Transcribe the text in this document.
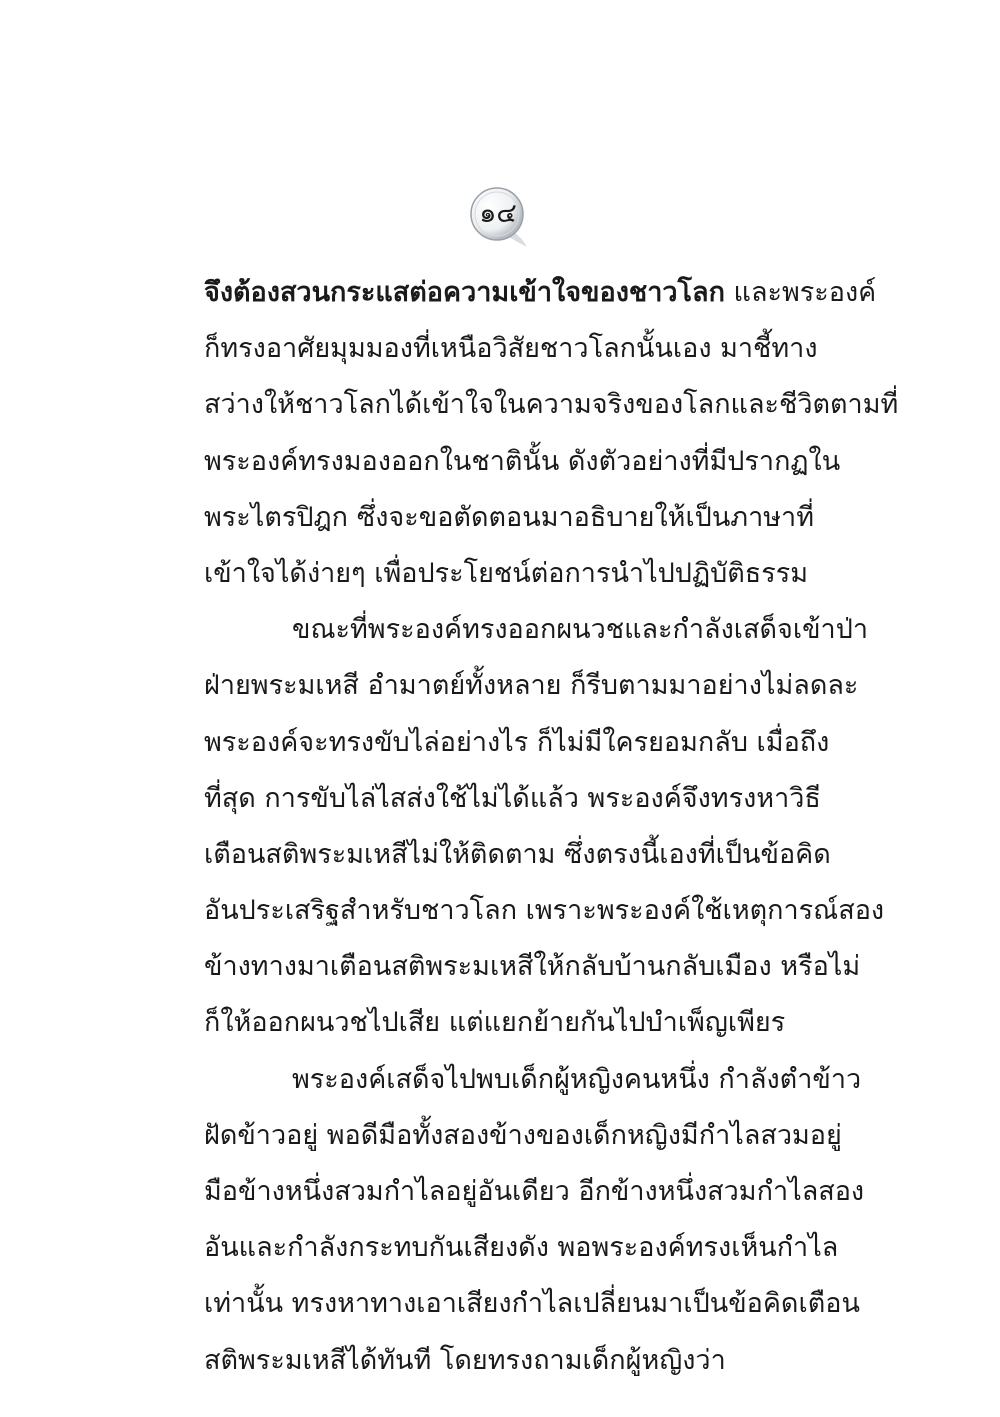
๑๔
จึงต้องสวนกระแสต่อความเข้าใจของชาวโลก และพระองค์
ก็ทรงอาศัยมุมมองที่เหนือวิสัยชาวโลกนั้นเอง มาชี้ทาง
สว่างให้ชาวโลกได้เข้าใจในความจริงของโลกและชีวิตตามที่
พระองค์ทรงมองออกในชาตินั้น ดังตัวอย่างที่มีปรากฏใน
พระไตรปิฎก ซึ่งจะขอตัดตอนมาอธิบายให้เป็นภาษาที่
เข้าใจได้ง่ายๆ เพื่อประโยชน์ต่อการนำไปปฏิบัติธรรม
ขณะที่พระองค์ทรงออกผนวชและกำลังเสด็จเข้าป่า
ฝ่ายพระมเหสี อำมาตย์ทั้งหลาย ก็รีบตามมาอย่างไม่ลดละ
พระองค์จะทรงขับไล่อย่างไร ก็ไม่มีใครยอมกลับ เมื่อถึง
ที่สุด การขับไล่ไสส่งใช้ไม่ได้แล้ว พระองค์จึงทรงหาวิธี
เตือนสติพระมเหสีไม่ให้ติดตาม ซึ่งตรงนี้เองที่เป็นข้อคิด
อันประเสริฐสำหรับชาวโลก เพราะพระองค์ใช้เหตุการณ์สอง
ข้างทางมาเตือนสติพระมเหสีให้กลับบ้านกลับเมือง หรือไม่
ก็ให้ออกผนวชไปเสีย แต่แยกย้ายกันไปบำเพ็ญเพียร
พระองค์เสด็จไปพบเด็กผู้หญิงคนหนึ่ง กำลังตำข้าว
ฝัดข้าวอยู่ พอดีมือทั้งสองข้างของเด็กหญิงมีกำไลสวมอยู่
มือข้างหนึ่งสวมกำไลอยู่อันเดียว อีกข้างหนึ่งสวมกำไลสอง
อันและกำลังกระทบกันเสียงดัง พอพระองค์ทรงเห็นกำไล
เท่านั้น ทรงหาทางเอาเสียงกำไลเปลี่ยนมาเป็นข้อคิดเตือน
สติพระมเหสีได้ทันที โดยทรงถามเด็กผู้หญิงว่า
